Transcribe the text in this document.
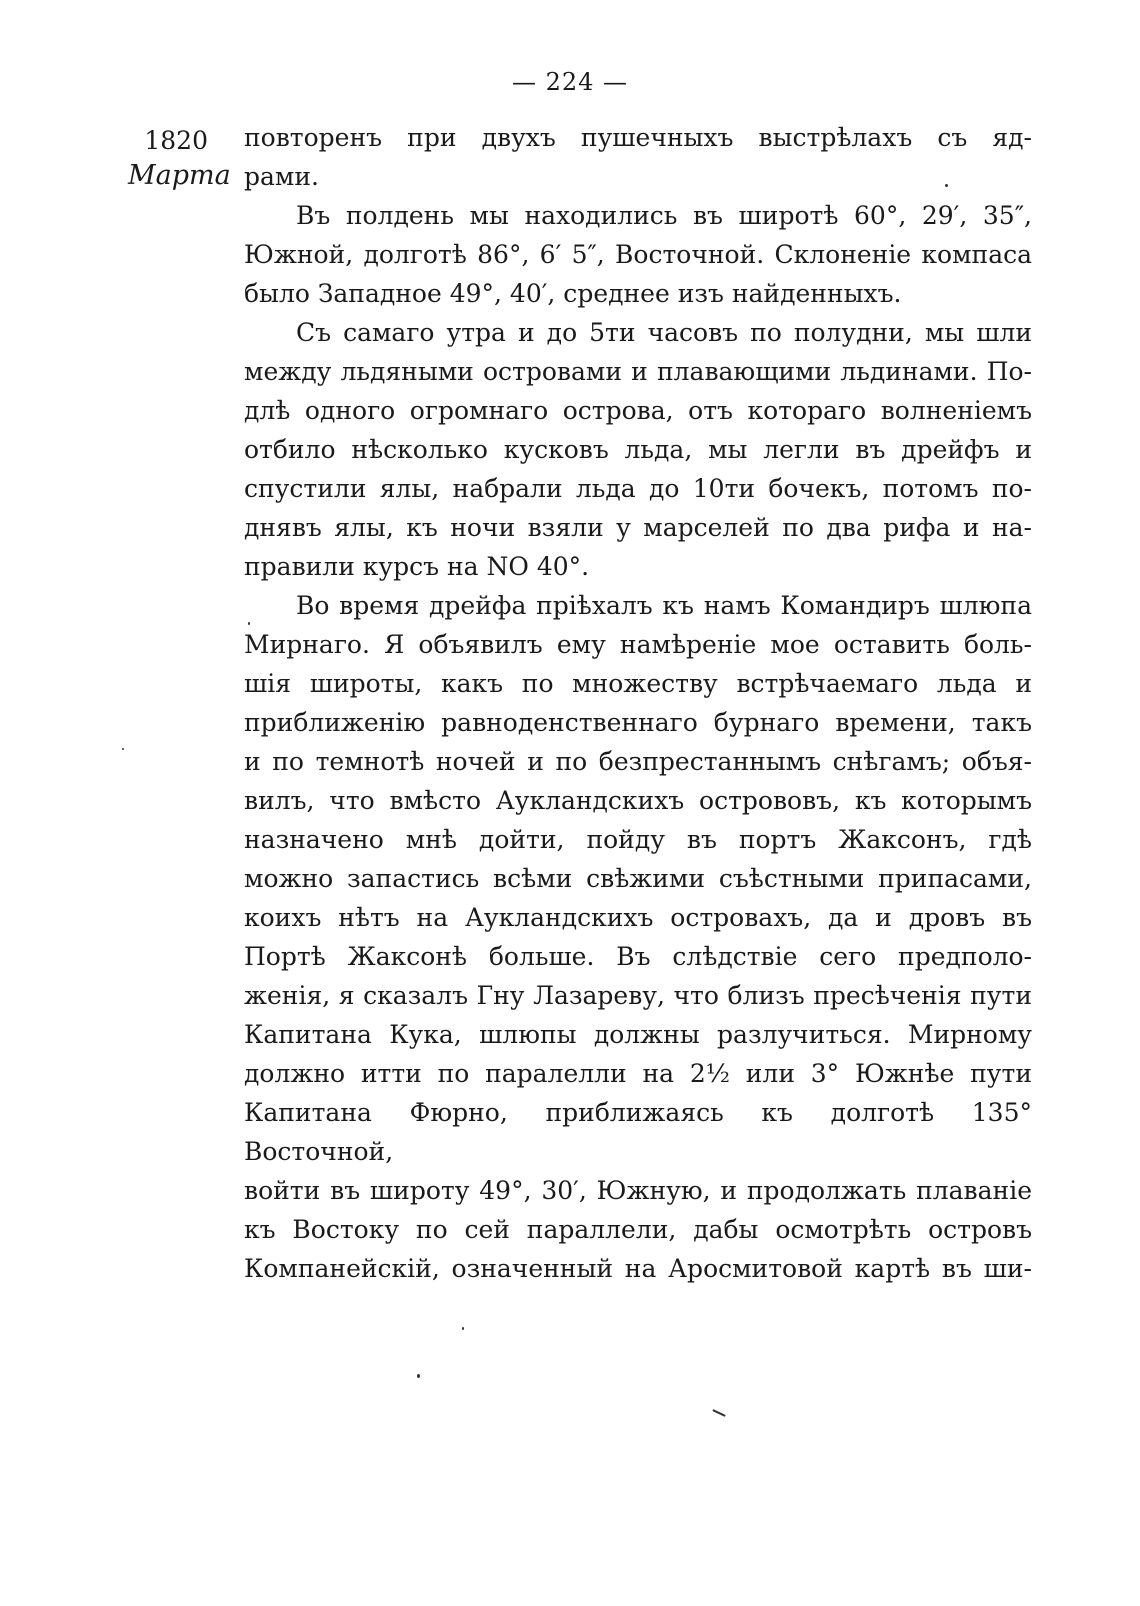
— 224 —
1820
Марта

повторенъ при двухъ пушечныхъ выстрѣлахъ съ яд-
рами.

Въ полдень мы находились въ широтѣ 60°, 29′, 35″,
Южной, долготѣ 86°, 6′ 5″, Восточной. Склоненіе компаса
было Западное 49°, 40′, среднее изъ найденныхъ.

Съ самаго утра и до 5ти часовъ по полудни, мы шли
между льдяными островами и плавающими льдинами. По-
длѣ одного огромнаго острова, отъ котораго волненіемъ
отбило нѣсколько кусковъ льда, мы легли въ дрейфъ и
спустили ялы, набрали льда до 10ти бочекъ, потомъ по-
днявъ ялы, къ ночи взяли у марселей по два рифа и на-
правили курсъ на NO 40°.

Во время дрейфа пріѣхалъ къ намъ Командиръ шлюпа
Мирнаго. Я объявилъ ему намѣреніе мое оставить боль-
шія широты, какъ по множеству встрѣчаемаго льда и
приближенію равноденственнаго бурнаго времени, такъ
и по темнотѣ ночей и по безпрестаннымъ снѣгамъ; объя-
вилъ, что вмѣсто Аукландскихъ острововъ, къ которымъ
назначено мнѣ дойти, пойду въ портъ Жаксонъ, гдѣ
можно запастись всѣми свѣжими съѣстными припасами,
коихъ нѣтъ на Аукландскихъ островахъ, да и дровъ въ
Портѣ Жаксонѣ больше. Въ слѣдствіе сего предполо-
женія, я сказалъ Гну Лазареву, что близъ пресѣченія пути
Капитана Кука, шлюпы должны разлучиться. Мирному
должно итти по паралелли на 2½ или 3° Южнѣе пути
Капитана Фюрно, приближаясь къ долготѣ 135° Восточной,
войти въ широту 49°, 30′, Южную, и продолжать плаваніе
къ Востоку по сей параллели, дабы осмотрѣть островъ
Компанейскій, означенный на Аросмитовой картѣ въ ши-
